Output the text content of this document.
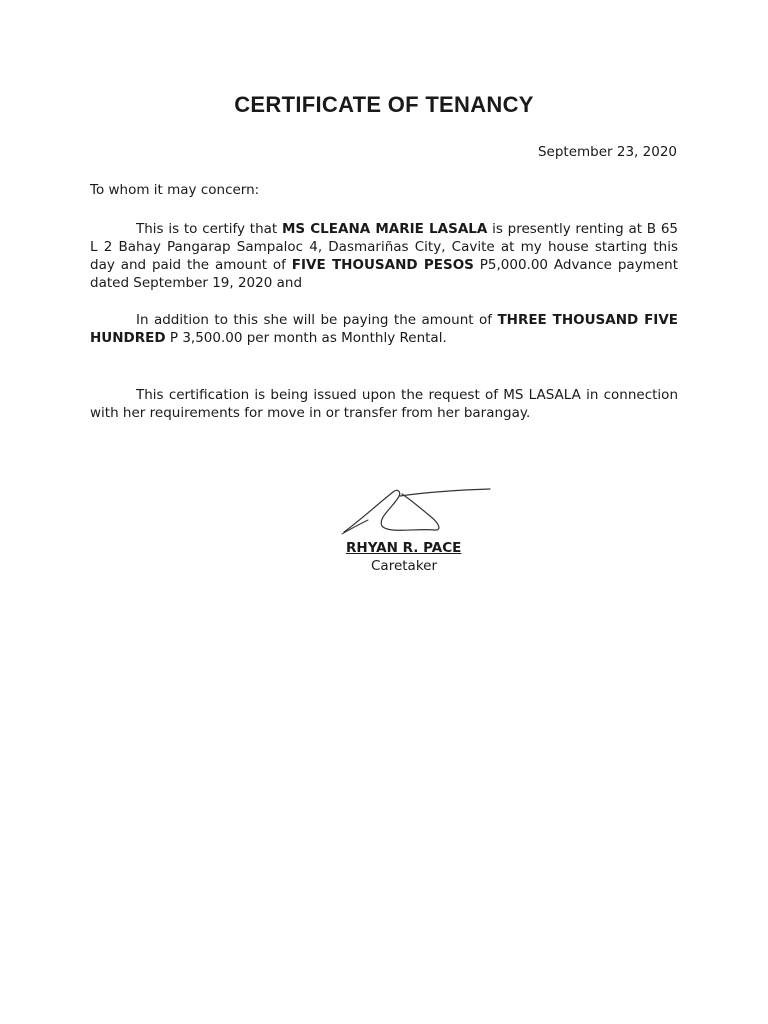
CERTIFICATE OF TENANCY
September 23, 2020
To whom it may concern:

This is to certify that MS CLEANA MARIE LASALA is presently renting at B 65 L 2 Bahay Pangarap Sampaloc 4, Dasmariñas City, Cavite at my house starting this day and paid the amount of FIVE THOUSAND PESOS P5,000.00 Advance payment dated September 19, 2020 and

In addition to this she will be paying the amount of THREE THOUSAND FIVE HUNDRED P 3,500.00 per month as Monthly Rental.

This certification is being issued upon the request of MS LASALA in connection with her requirements for move in or transfer from her barangay.

RHYAN R. PACE
Caretaker
